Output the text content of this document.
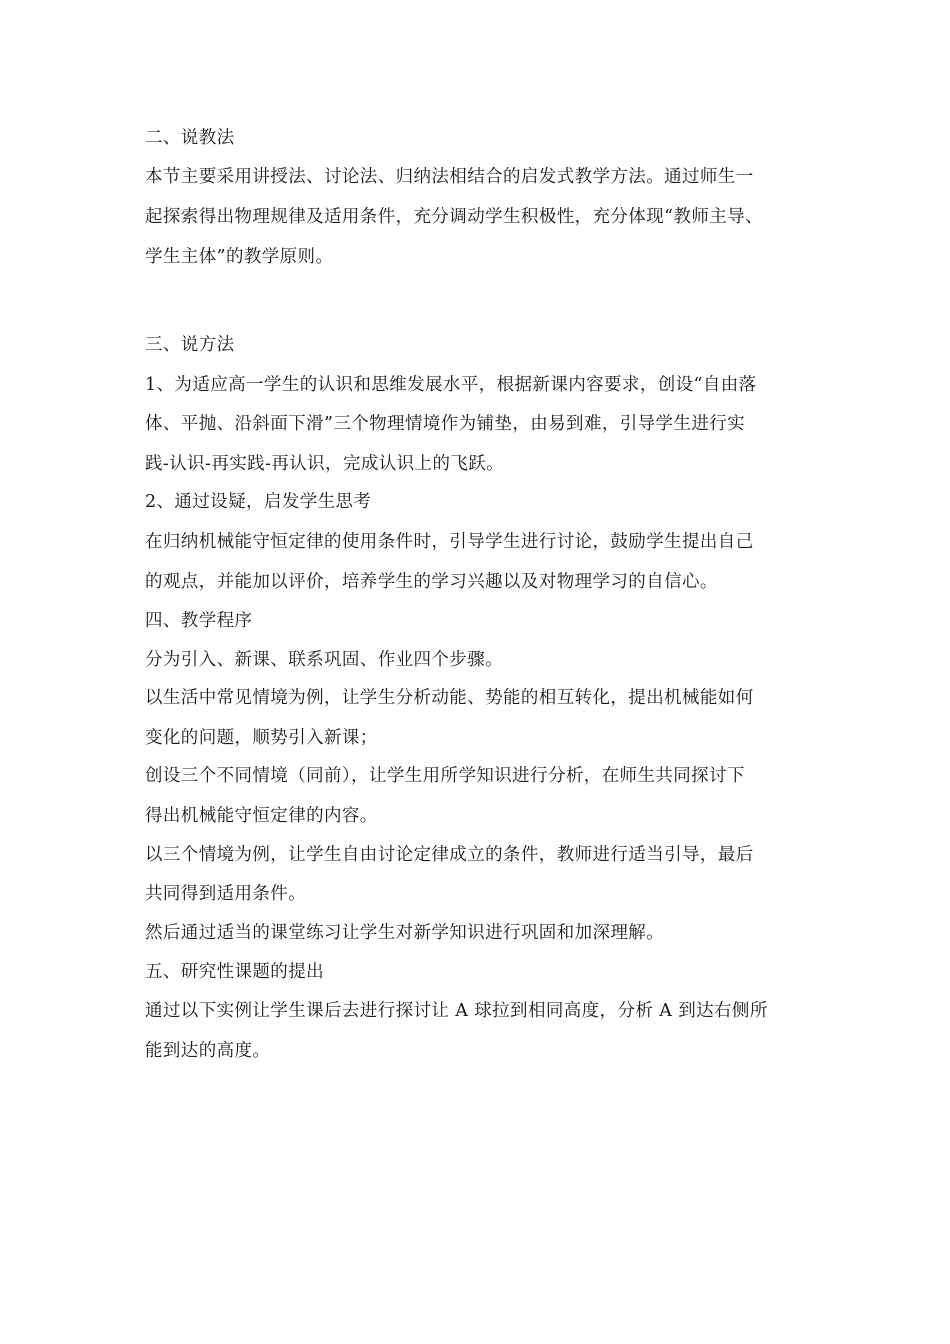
二、说教法
本节主要采用讲授法、讨论法、归纳法相结合的启发式教学方法。通过师生一
起探索得出物理规律及适用条件，充分调动学生积极性，充分体现“教师主导、
学生主体”的教学原则。
三、说方法
1、为适应高一学生的认识和思维发展水平，根据新课内容要求，创设“自由落
体、平抛、沿斜面下滑”三个物理情境作为铺垫，由易到难，引导学生进行实
践-认识-再实践-再认识，完成认识上的飞跃。
2、通过设疑，启发学生思考
在归纳机械能守恒定律的使用条件时，引导学生进行讨论，鼓励学生提出自己
的观点，并能加以评价，培养学生的学习兴趣以及对物理学习的自信心。
四、教学程序
分为引入、新课、联系巩固、作业四个步骤。
以生活中常见情境为例，让学生分析动能、势能的相互转化，提出机械能如何
变化的问题，顺势引入新课；
创设三个不同情境（同前），让学生用所学知识进行分析，在师生共同探讨下
得出机械能守恒定律的内容。
以三个情境为例，让学生自由讨论定律成立的条件，教师进行适当引导，最后
共同得到适用条件。
然后通过适当的课堂练习让学生对新学知识进行巩固和加深理解。
五、研究性课题的提出
通过以下实例让学生课后去进行探讨让 A 球拉到相同高度，分析 A 到达右侧所
能到达的高度。
